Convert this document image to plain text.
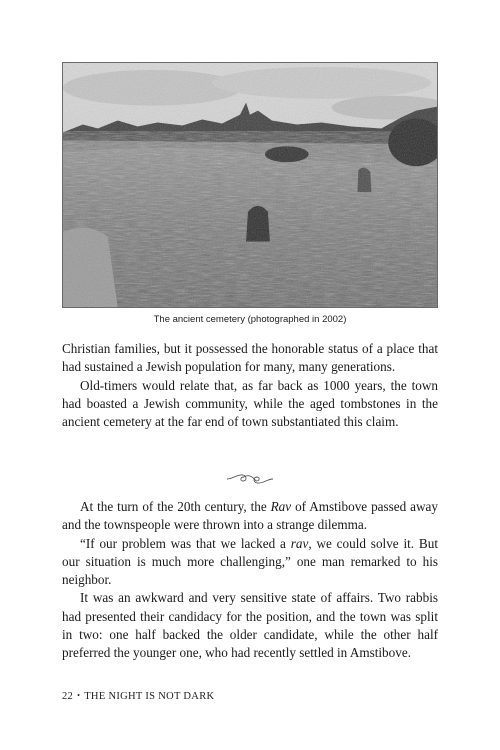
The ancient cemetery (photographed in 2002)

Christian families, but it possessed the honorable status of a place that had sustained a Jewish population for many, many generations.

Old-timers would relate that, as far back as 1000 years, the town had boasted a Jewish community, while the aged tombstones in the ancient cemetery at the far end of town substantiated this claim.

At the turn of the 20th century, the Rav of Amstibove passed away and the townspeople were thrown into a strange dilemma.

“If our problem was that we lacked a rav, we could solve it. But our situation is much more challenging,” one man remarked to his neighbor.

It was an awkward and very sensitive state of affairs. Two rabbis had presented their candidacy for the position, and the town was split in two: one half backed the older candidate, while the other half preferred the younger one, who had recently settled in Amstibove.

22 • THE NIGHT IS NOT DARK
